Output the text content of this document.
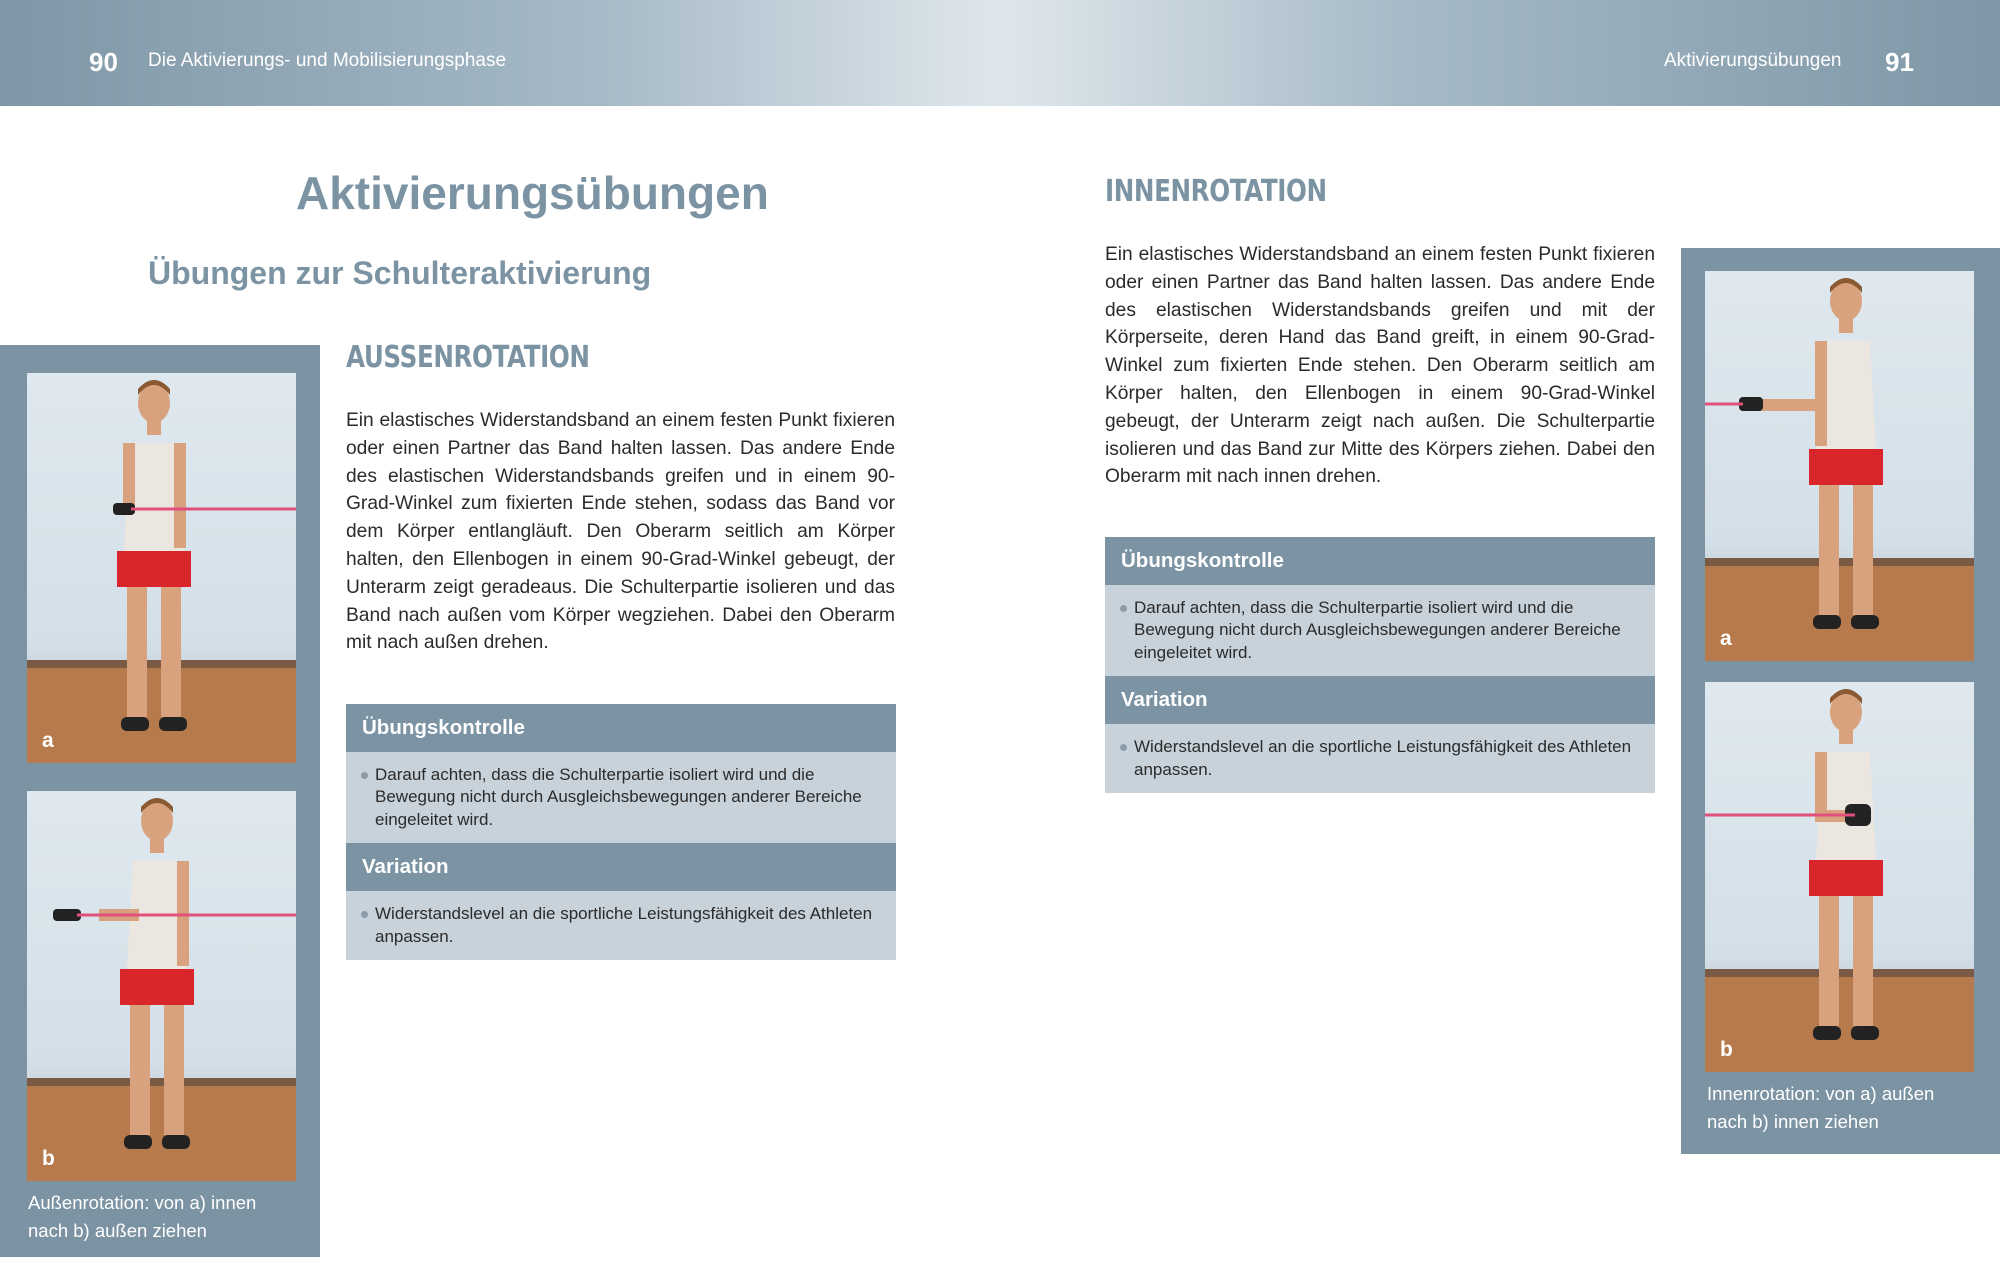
90 Die Aktivierungs- und Mobilisierungsphase	Aktivierungsübungen 91
Aktivierungsübungen
Übungen zur Schulteraktivierung
a
b
Außenrotation: von a) innen nach b) außen ziehen
AUSSENROTATION

Ein elastisches Widerstandsband an einem festen Punkt fixieren oder einen Partner das Band halten lassen. Das andere Ende des elastischen Widerstandsbands greifen und in einem 90-Grad-Winkel zum fixierten Ende stehen, sodass das Band vor dem Körper entlangläuft. Den Oberarm seitlich am Körper halten, den Ellenbogen in einem 90-Grad-Winkel gebeugt, der Unterarm zeigt geradeaus. Die Schulterpartie isolieren und das Band nach außen vom Körper wegziehen. Dabei den Oberarm mit nach außen drehen.

Übungskontrolle
Darauf achten, dass die Schulterpartie isoliert wird und die Bewegung nicht durch Ausgleichsbewegungen anderer Bereiche eingeleitet wird.
Variation
Widerstandslevel an die sportliche Leistungsfähigkeit des Athleten anpassen.
INNENROTATION

Ein elastisches Widerstandsband an einem festen Punkt fixieren oder einen Partner das Band halten lassen. Das andere Ende des elastischen Widerstandsbands greifen und mit der Körperseite, deren Hand das Band greift, in einem 90-Grad-Winkel zum fixierten Ende stehen. Den Oberarm seitlich am Körper halten, den Ellenbogen in einem 90-Grad-Winkel gebeugt, der Unterarm zeigt nach außen. Die Schulterpartie isolieren und das Band zur Mitte des Körpers ziehen. Dabei den Oberarm mit nach innen drehen.

Übungskontrolle
Darauf achten, dass die Schulterpartie isoliert wird und die Bewegung nicht durch Ausgleichsbewegungen anderer Bereiche eingeleitet wird.
Variation
Widerstandslevel an die sportliche Leistungsfähigkeit des Athleten anpassen.
a
b
Innenrotation: von a) außen nach b) innen ziehen
